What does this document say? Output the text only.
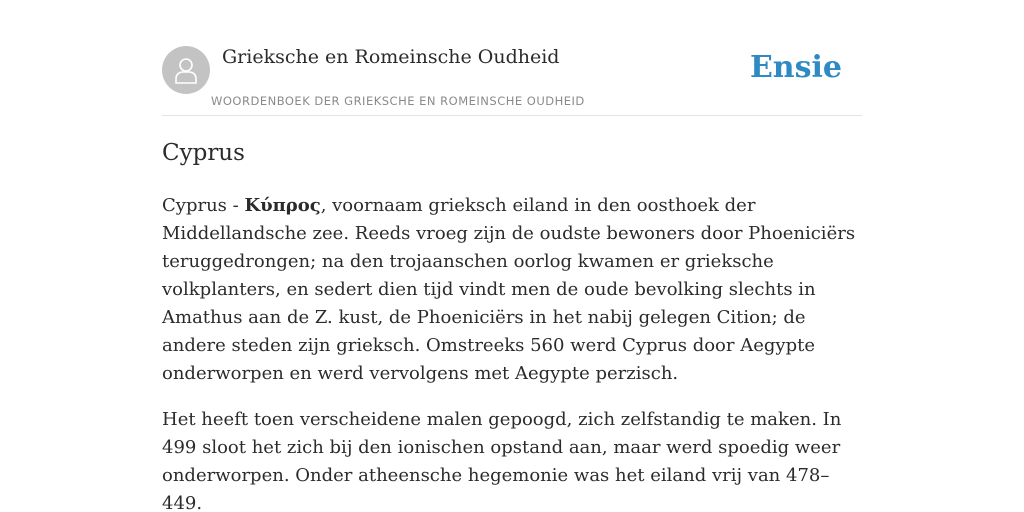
Grieksche en Romeinsche Oudheid
WOORDENBOEK DER GRIEKSCHE EN ROMEINSCHE OUDHEID
Ensie
Cyprus

Cyprus - Κύπρος, voornaam grieksch eiland in den oosthoek der Middellandsche zee. Reeds vroeg zijn de oudste bewoners door Phoeniciërs teruggedrongen; na den trojaanschen oorlog kwamen er grieksche volkplanters, en sedert dien tijd vindt men de oude bevolking slechts in Amathus aan de Z. kust, de Phoeniciërs in het nabij gelegen Cition; de andere steden zijn grieksch. Omstreeks 560 werd Cyprus door Aegypte onderworpen en werd vervolgens met Aegypte perzisch.

Het heeft toen verscheidene malen gepoogd, zich zelfstandig te maken. In 499 sloot het zich bij den ionischen opstand aan, maar werd spoedig weer onderworpen. Onder atheensche hegemonie was het eiland vrij van 478–449.
